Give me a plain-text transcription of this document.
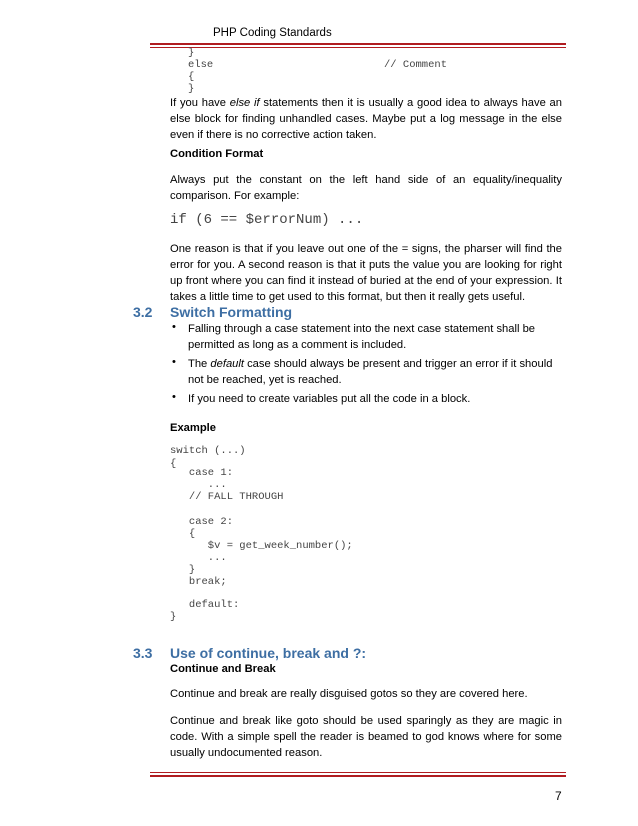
PHP Coding Standards
}
else	// Comment
{
}
If you have else if statements then it is usually a good idea to always have an else block for finding unhandled cases. Maybe put a log message in the else even if there is no corrective action taken.
Condition Format
Always put the constant on the left hand side of an equality/inequality comparison. For example:
if (6 == $errorNum) ...
One reason is that if you leave out one of the = signs, the pharser will find the error for you. A second reason is that it puts the value you are looking for right up front where you can find it instead of buried at the end of your expression. It takes a little time to get used to this format, but then it really gets useful.
3.2 Switch Formatting
• Falling through a case statement into the next case statement shall be permitted as long as a comment is included.
• The default case should always be present and trigger an error if it should not be reached, yet is reached.
• If you need to create variables put all the code in a block.
Example
switch (...)
{
case 1:
...
// FALL THROUGH
case 2:
{
$v = get_week_number();
...
}
break;
default:
}
3.3 Use of continue, break and ?:
Continue and Break
Continue and break are really disguised gotos so they are covered here.
Continue and break like goto should be used sparingly as they are magic in code. With a simple spell the reader is beamed to god knows where for some usually undocumented reason.
7
